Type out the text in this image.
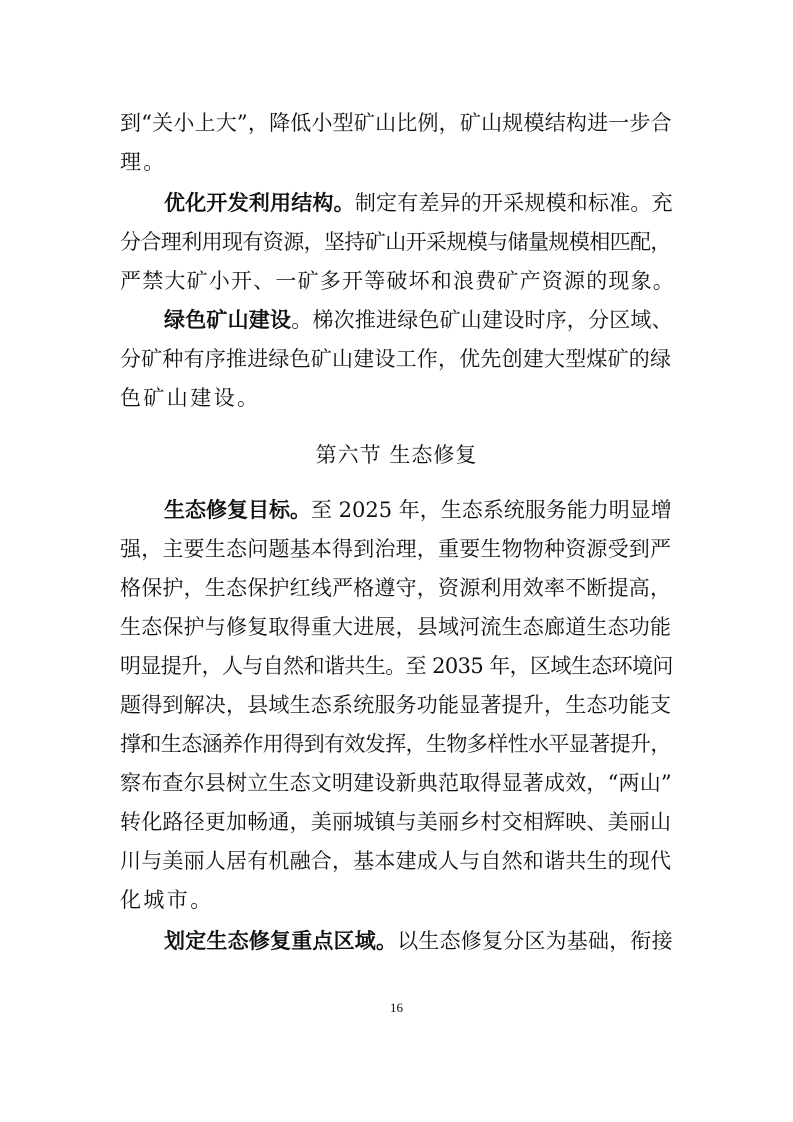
到“关小上大”，降低小型矿山比例，矿山规模结构进一步合
理。
优化开发利用结构。制定有差异的开采规模和标准。充
分合理利用现有资源，坚持矿山开采规模与储量规模相匹配，
严禁大矿小开、一矿多开等破坏和浪费矿产资源的现象。
绿色矿山建设。梯次推进绿色矿山建设时序，分区域、
分矿种有序推进绿色矿山建设工作，优先创建大型煤矿的绿
色矿山建设。
第六节 生态修复
生态修复目标。至 2025 年，生态系统服务能力明显增
强，主要生态问题基本得到治理，重要生物物种资源受到严
格保护，生态保护红线严格遵守，资源利用效率不断提高，
生态保护与修复取得重大进展，县域河流生态廊道生态功能
明显提升，人与自然和谐共生。至 2035 年，区域生态环境问
题得到解决，县域生态系统服务功能显著提升，生态功能支
撑和生态涵养作用得到有效发挥，生物多样性水平显著提升，
察布查尔县树立生态文明建设新典范取得显著成效，“两山”
转化路径更加畅通，美丽城镇与美丽乡村交相辉映、美丽山
川与美丽人居有机融合，基本建成人与自然和谐共生的现代
化城市。
划定生态修复重点区域。以生态修复分区为基础，衔接
16
